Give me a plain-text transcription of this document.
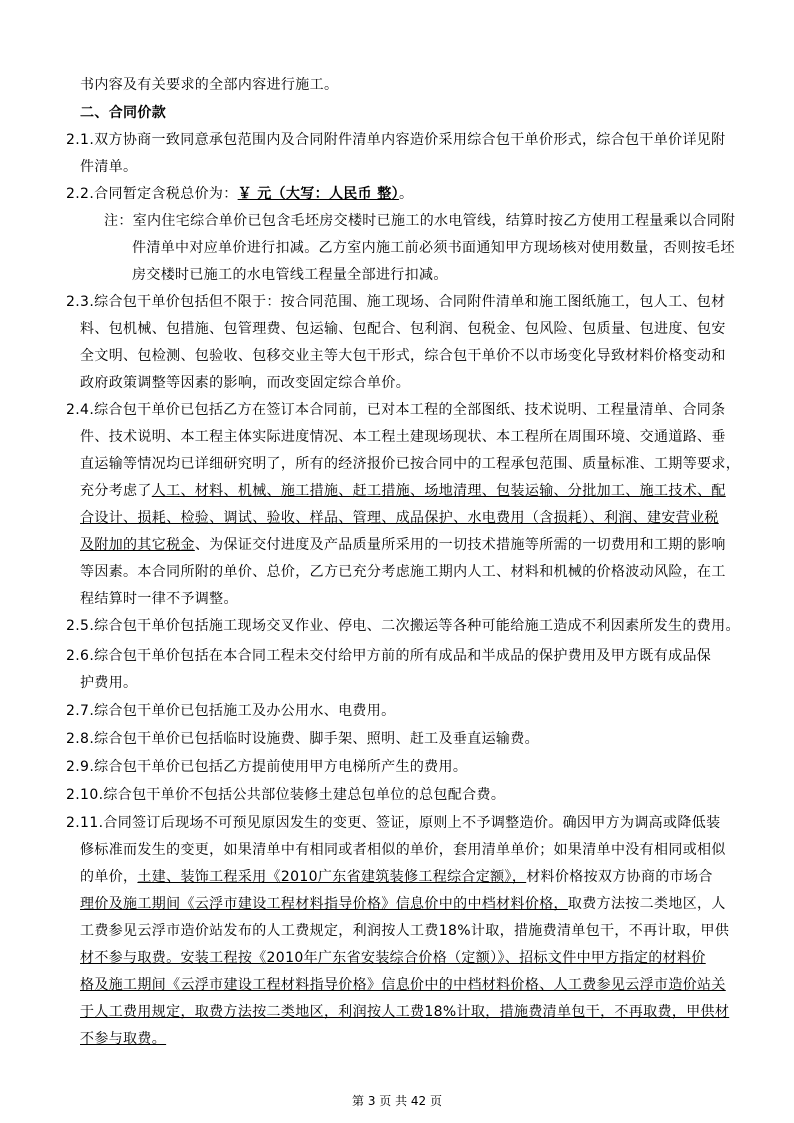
书内容及有关要求的全部内容进行施工。
二、合同价款
2.1.双方协商一致同意承包范围内及合同附件清单内容造价采用综合包干单价形式，综合包干单价详见附
件清单。
2.2.合同暂定含税总价为：￥ 元（大写：人民币 整）。
注：室内住宅综合单价已包含毛坯房交楼时已施工的水电管线，结算时按乙方使用工程量乘以合同附
件清单中对应单价进行扣减。乙方室内施工前必须书面通知甲方现场核对使用数量，否则按毛坯
房交楼时已施工的水电管线工程量全部进行扣减。
2.3.综合包干单价包括但不限于：按合同范围、施工现场、合同附件清单和施工图纸施工，包人工、包材
料、包机械、包措施、包管理费、包运输、包配合、包利润、包税金、包风险、包质量、包进度、包安
全文明、包检测、包验收、包移交业主等大包干形式，综合包干单价不以市场变化导致材料价格变动和
政府政策调整等因素的影响，而改变固定综合单价。
2.4.综合包干单价已包括乙方在签订本合同前，已对本工程的全部图纸、技术说明、工程量清单、合同条
件、技术说明、本工程主体实际进度情况、本工程土建现场现状、本工程所在周围环境、交通道路、垂
直运输等情况均已详细研究明了，所有的经济报价已按合同中的工程承包范围、质量标准、工期等要求，
充分考虑了人工、材料、机械、施工措施、赶工措施、场地清理、包装运输、分批加工、施工技术、配
合设计、损耗、检验、调试、验收、样品、管理、成品保护、水电费用（含损耗）、利润、建安营业税
及附加的其它税金、为保证交付进度及产品质量所采用的一切技术措施等所需的一切费用和工期的影响
等因素。本合同所附的单价、总价，乙方已充分考虑施工期内人工、材料和机械的价格波动风险，在工
程结算时一律不予调整。
2.5.综合包干单价包括施工现场交叉作业、停电、二次搬运等各种可能给施工造成不利因素所发生的费用。
2.6.综合包干单价包括在本合同工程未交付给甲方前的所有成品和半成品的保护费用及甲方既有成品保
护费用。
2.7.综合包干单价已包括施工及办公用水、电费用。
2.8.综合包干单价已包括临时设施费、脚手架、照明、赶工及垂直运输费。
2.9.综合包干单价已包括乙方提前使用甲方电梯所产生的费用。
2.10.综合包干单价不包括公共部位装修土建总包单位的总包配合费。
2.11.合同签订后现场不可预见原因发生的变更、签证，原则上不予调整造价。确因甲方为调高或降低装
修标准而发生的变更，如果清单中有相同或者相似的单价，套用清单单价；如果清单中没有相同或相似
的单价，土建、装饰工程采用《2010广东省建筑装修工程综合定额》，材料价格按双方协商的市场合
理价及施工期间《云浮市建设工程材料指导价格》信息价中的中档材料价格，取费方法按二类地区，人
工费参见云浮市造价站发布的人工费规定，利润按人工费18%计取，措施费清单包干，不再计取，甲供
材不参与取费。安装工程按《2010年广东省安装综合价格（定额）》、招标文件中甲方指定的材料价
格及施工期间《云浮市建设工程材料指导价格》信息价中的中档材料价格、人工费参见云浮市造价站关
于人工费用规定，取费方法按二类地区，利润按人工费18%计取，措施费清单包干，不再取费，甲供材
不参与取费。
第 3 页 共 42 页
